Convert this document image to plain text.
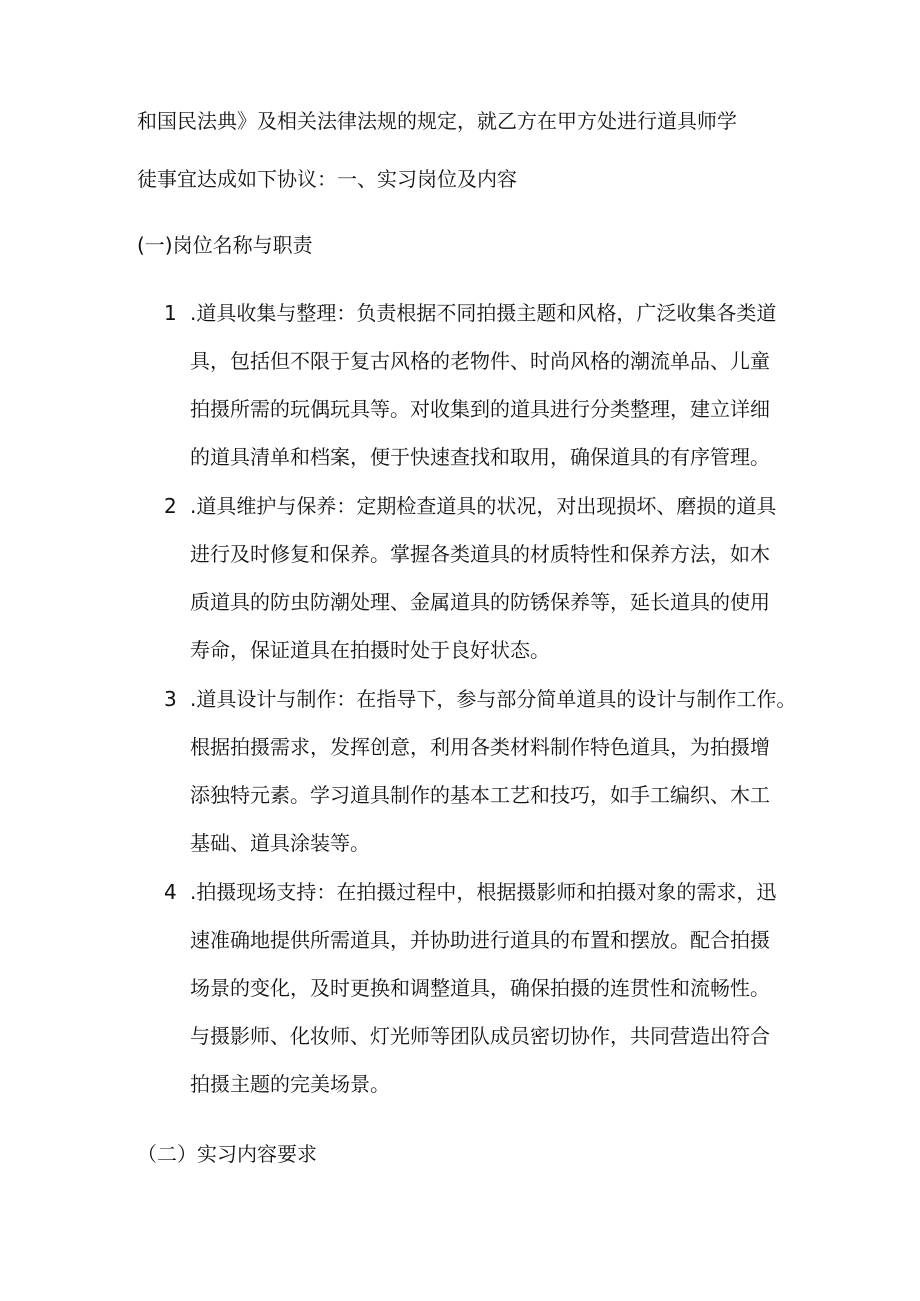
和国民法典》及相关法律法规的规定，就乙方在甲方处进行道具师学
徒事宜达成如下协议：一、实习岗位及内容
(一)岗位名称与职责
1 .道具收集与整理：负责根据不同拍摄主题和风格，广泛收集各类道
具，包括但不限于复古风格的老物件、时尚风格的潮流单品、儿童
拍摄所需的玩偶玩具等。对收集到的道具进行分类整理，建立详细
的道具清单和档案，便于快速查找和取用，确保道具的有序管理。
2 .道具维护与保养：定期检查道具的状况，对出现损坏、磨损的道具
进行及时修复和保养。掌握各类道具的材质特性和保养方法，如木
质道具的防虫防潮处理、金属道具的防锈保养等，延长道具的使用
寿命，保证道具在拍摄时处于良好状态。
3 .道具设计与制作：在指导下，参与部分简单道具的设计与制作工作。
根据拍摄需求，发挥创意，利用各类材料制作特色道具，为拍摄增
添独特元素。学习道具制作的基本工艺和技巧，如手工编织、木工
基础、道具涂装等。
4 .拍摄现场支持：在拍摄过程中，根据摄影师和拍摄对象的需求，迅
速准确地提供所需道具，并协助进行道具的布置和摆放。配合拍摄
场景的变化，及时更换和调整道具，确保拍摄的连贯性和流畅性。
与摄影师、化妆师、灯光师等团队成员密切协作，共同营造出符合
拍摄主题的完美场景。
（二）实习内容要求
